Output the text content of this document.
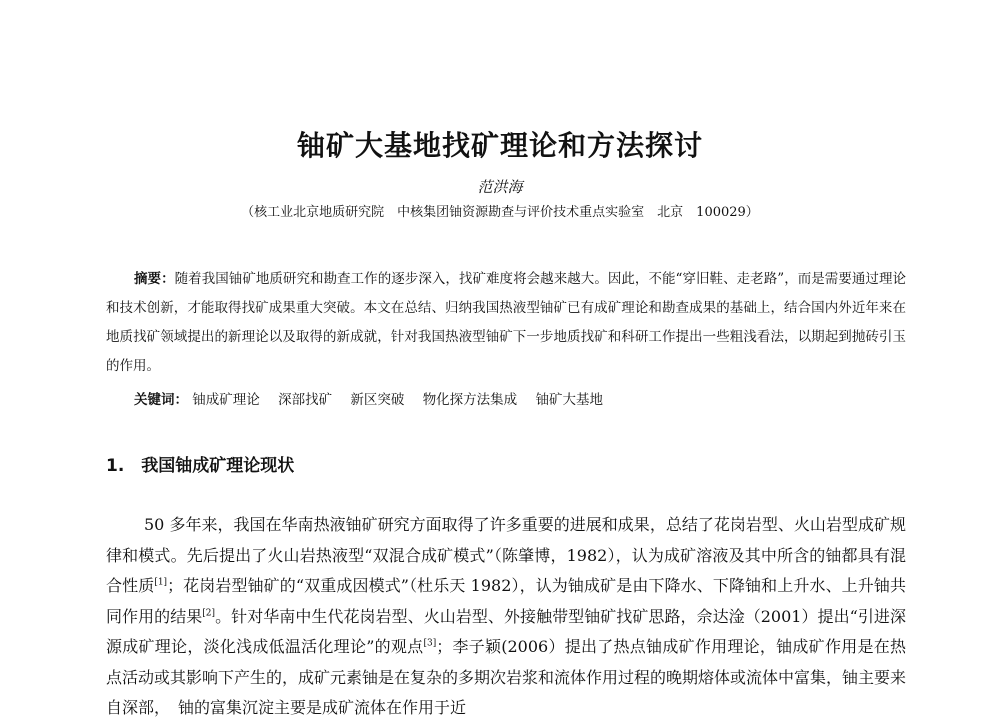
铀矿大基地找矿理论和方法探讨
范洪海
（核工业北京地质研究院　中核集团铀资源勘查与评价技术重点实验室　北京　100029）
摘要：随着我国铀矿地质研究和勘查工作的逐步深入，找矿难度将会越来越大。因此，不能“穿旧鞋、走老路”，而是需要通过理论和技术创新，才能取得找矿成果重大突破。本文在总结、归纳我国热液型铀矿已有成矿理论和勘查成果的基础上，结合国内外近年来在地质找矿领域提出的新理论以及取得的新成就，针对我国热液型铀矿下一步地质找矿和科研工作提出一些粗浅看法，以期起到抛砖引玉的作用。
关键词： 铀成矿理论 深部找矿 新区突破 物化探方法集成 铀矿大基地
1.　我国铀成矿理论现状
50 多年来，我国在华南热液铀矿研究方面取得了许多重要的进展和成果，总结了花岗岩型、火山岩型成矿规律和模式。先后提出了火山岩热液型“双混合成矿模式”（陈肇博，1982），认为成矿溶液及其中所含的铀都具有混合性质[1]；花岗岩型铀矿的“双重成因模式”（杜乐天 1982），认为铀成矿是由下降水、下降铀和上升水、上升铀共同作用的结果[2]。针对华南中生代花岗岩型、火山岩型、外接触带型铀矿找矿思路，佘达淦（2001）提出“引进深源成矿理论，淡化浅成低温活化理论”的观点[3]；李子颖(2006）提出了热点铀成矿作用理论，铀成矿作用是在热点活动或其影响下产生的，成矿元素铀是在复杂的多期次岩浆和流体作用过程的晚期熔体或流体中富集，铀主要来自深部，　铀的富集沉淀主要是成矿流体在作用于近
